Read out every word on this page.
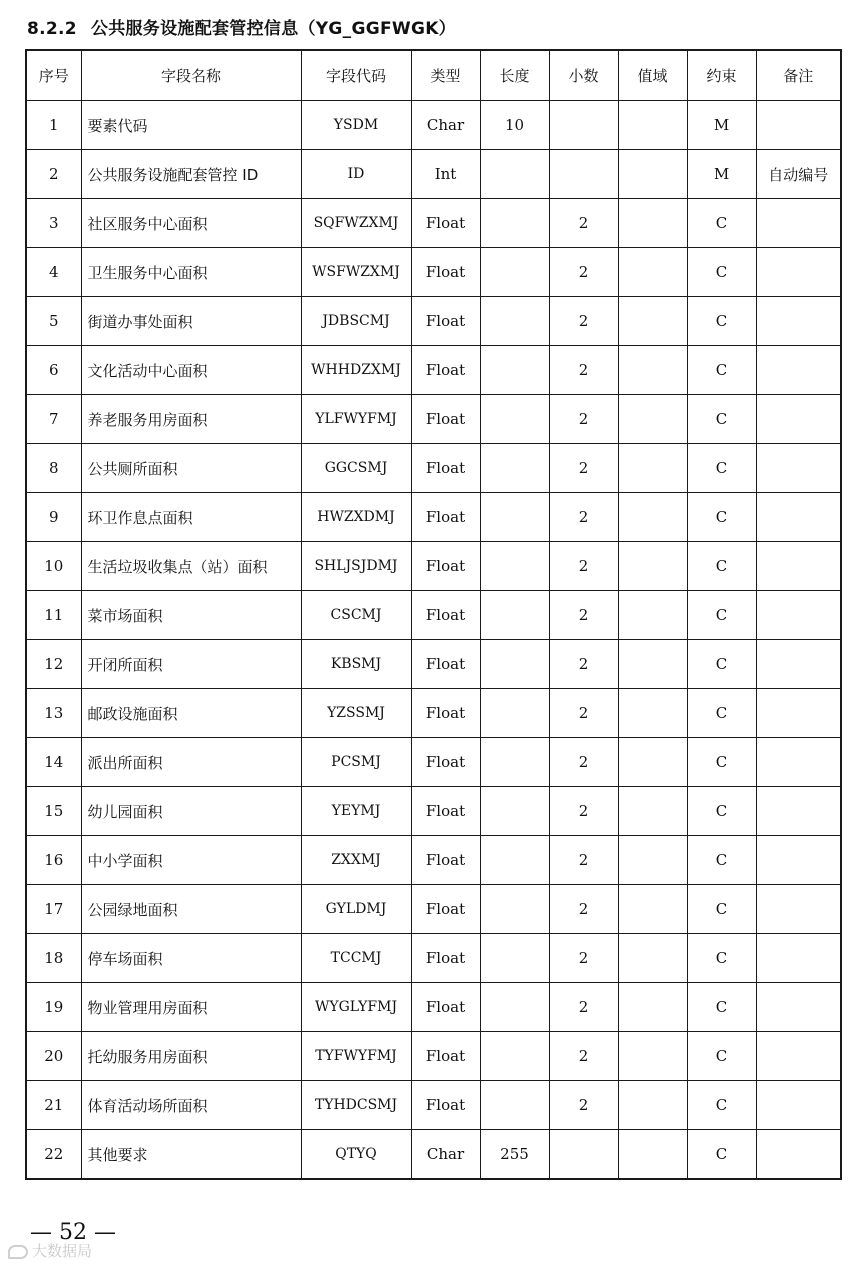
8.2.2 公共服务设施配套管控信息（YG_GGFWGK）
序号	字段名称	字段代码	类型	长度	小数	值域	约束	备注
1	要素代码	YSDM	Char	10			M	
2	公共服务设施配套管控 ID	ID	Int				M	自动编号
3	社区服务中心面积	SQFWZXMJ	Float		2		C	
4	卫生服务中心面积	WSFWZXMJ	Float		2		C	
5	街道办事处面积	JDBSCMJ	Float		2		C	
6	文化活动中心面积	WHHDZXMJ	Float		2		C	
7	养老服务用房面积	YLFWYFMJ	Float		2		C	
8	公共厕所面积	GGCSMJ	Float		2		C	
9	环卫作息点面积	HWZXDMJ	Float		2		C	
10	生活垃圾收集点（站）面积	SHLJSJDMJ	Float		2		C	
11	菜市场面积	CSCMJ	Float		2		C	
12	开闭所面积	KBSMJ	Float		2		C	
13	邮政设施面积	YZSSMJ	Float		2		C	
14	派出所面积	PCSMJ	Float		2		C	
15	幼儿园面积	YEYMJ	Float		2		C	
16	中小学面积	ZXXMJ	Float		2		C	
17	公园绿地面积	GYLDMJ	Float		2		C	
18	停车场面积	TCCMJ	Float		2		C	
19	物业管理用房面积	WYGLYFMJ	Float		2		C	
20	托幼服务用房面积	TYFWYFMJ	Float		2		C	
21	体育活动场所面积	TYHDCSMJ	Float		2		C	
22	其他要求	QTYQ	Char	255			C	
— 52 —
大数据局
